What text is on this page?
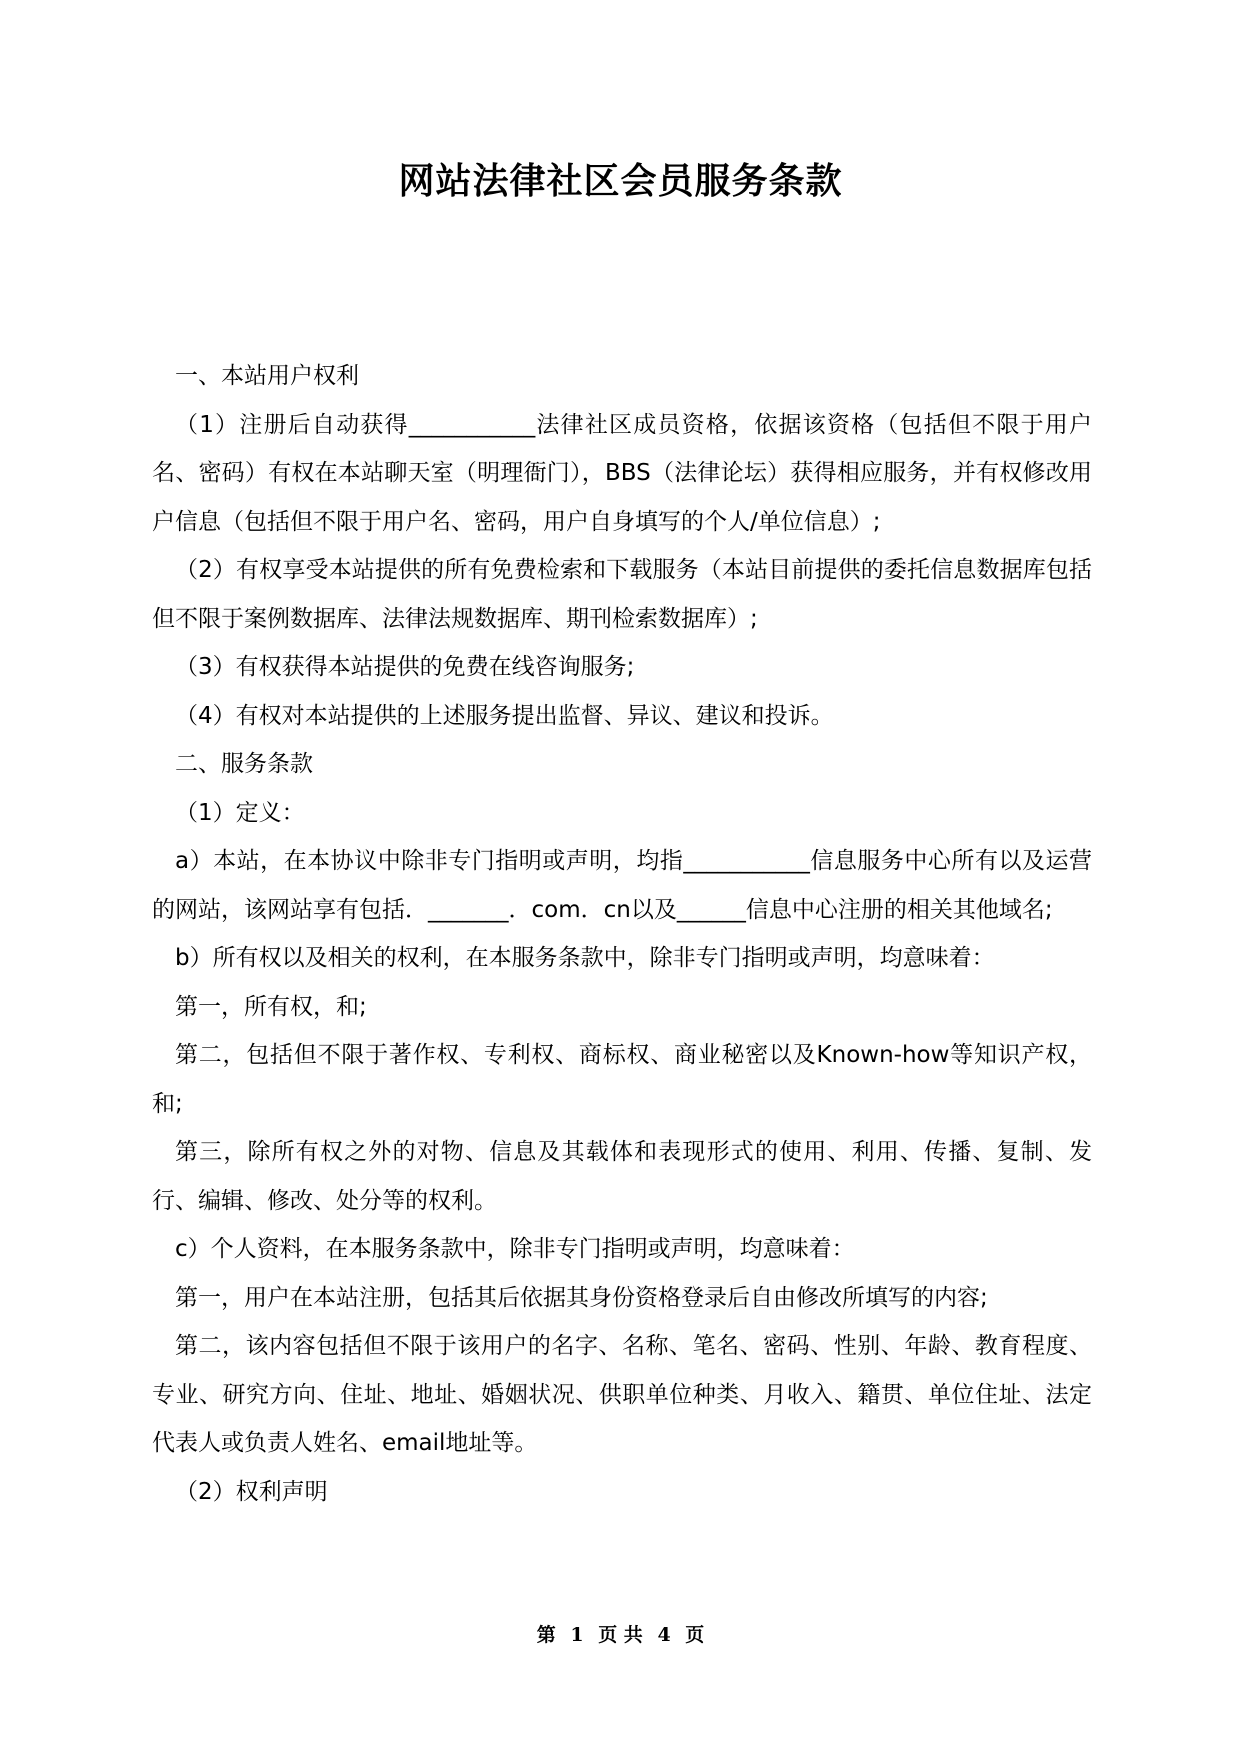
网站法律社区会员服务条款

一、本站用户权利

（1）注册后自动获得___________法律社区成员资格，依据该资格（包括但不限于用户名、密码）有权在本站聊天室（明理衙门），BBS（法律论坛）获得相应服务，并有权修改用户信息（包括但不限于用户名、密码，用户自身填写的个人/单位信息）;

（2）有权享受本站提供的所有免费检索和下载服务（本站目前提供的委托信息数据库包括但不限于案例数据库、法律法规数据库、期刊检索数据库）;

（3）有权获得本站提供的免费在线咨询服务;

（4）有权对本站提供的上述服务提出监督、异议、建议和投诉。

二、服务条款

（1）定义：

a）本站，在本协议中除非专门指明或声明，均指___________信息服务中心所有以及运营的网站，该网站享有包括．_______．com．cn以及______信息中心注册的相关其他域名;

b）所有权以及相关的权利，在本服务条款中，除非专门指明或声明，均意味着：

第一，所有权，和;

第二，包括但不限于著作权、专利权、商标权、商业秘密以及Known-how等知识产权，和;

第三，除所有权之外的对物、信息及其载体和表现形式的使用、利用、传播、复制、发行、编辑、修改、处分等的权利。

c）个人资料，在本服务条款中，除非专门指明或声明，均意味着：

第一，用户在本站注册，包括其后依据其身份资格登录后自由修改所填写的内容;

第二，该内容包括但不限于该用户的名字、名称、笔名、密码、性别、年龄、教育程度、专业、研究方向、住址、地址、婚姻状况、供职单位种类、月收入、籍贯、单位住址、法定代表人或负责人姓名、email地址等。

（2）权利声明

第 1 页 共 4 页
